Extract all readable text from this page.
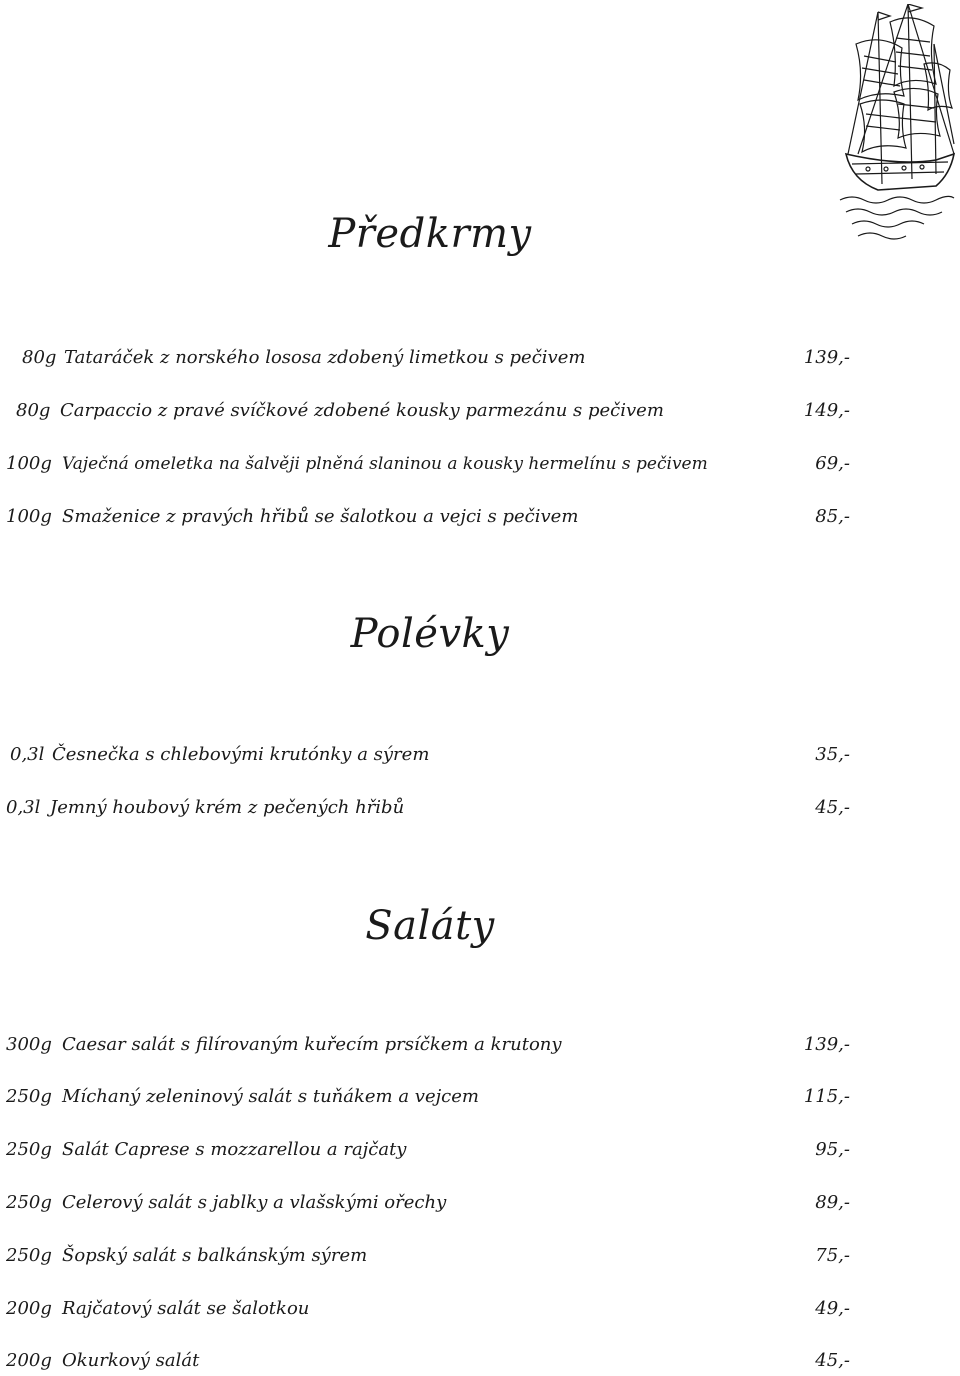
Předkrmy
80g Tataráček z norského lososa zdobený limetkou s pečivem	139,-
80g Carpaccio z pravé svíčkové zdobené kousky parmezánu s pečivem	149,-
100g Vaječná omeletka na šalvěji plněná slaninou a kousky hermelínu s pečivem	69,-
100g Smaženice z pravých hřibů se šalotkou a vejci s pečivem	85,-
Polévky
0,3l Česnečka s chlebovými krutónky a sýrem	35,-
0,3l Jemný houbový krém z pečených hřibů	45,-
Saláty
300g Caesar salát s filírovaným kuřecím prsíčkem a krutony	139,-
250g Míchaný zeleninový salát s tuňákem a vejcem	115,-
250g Salát Caprese s mozzarellou a rajčaty	95,-
250g Celerový salát s jablky a vlašskými ořechy	89,-
250g Šopský salát s balkánským sýrem	75,-
200g Rajčatový salát se šalotkou	49,-
200g Okurkový salát	45,-
